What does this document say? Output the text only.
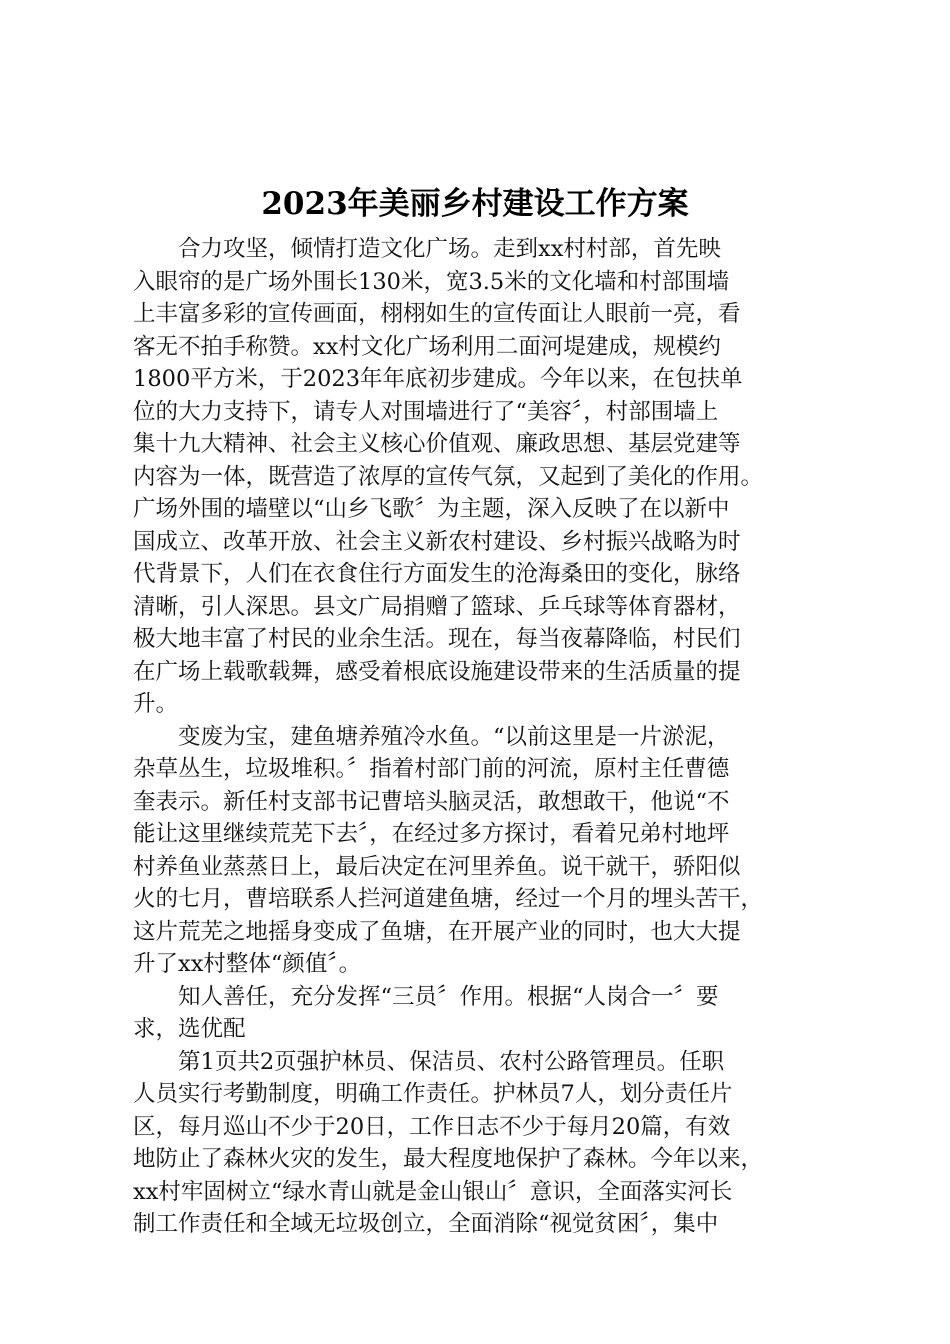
2023年美丽乡村建设工作方案
合力攻坚，倾情打造文化广场。走到xx村村部，首先映
入眼帘的是广场外围长130米，宽3.5米的文化墙和村部围墙
上丰富多彩的宣传画面，栩栩如生的宣传面让人眼前一亮，看
客无不拍手称赞。xx村文化广场利用二面河堤建成，规模约
1800平方米，于2023年年底初步建成。今年以来，在包扶单
位的大力支持下，请专人对围墙进行了“美容〞，村部围墙上
集十九大精神、社会主义核心价值观、廉政思想、基层党建等
内容为一体，既营造了浓厚的宣传气氛，又起到了美化的作用。
广场外围的墙壁以“山乡飞歌〞为主题，深入反映了在以新中
国成立、改革开放、社会主义新农村建设、乡村振兴战略为时
代背景下，人们在衣食住行方面发生的沧海桑田的变化，脉络
清晰，引人深思。县文广局捐赠了篮球、乒乓球等体育器材，
极大地丰富了村民的业余生活。现在，每当夜幕降临，村民们
在广场上载歌载舞，感受着根底设施建设带来的生活质量的提
升。
变废为宝，建鱼塘养殖冷水鱼。“以前这里是一片淤泥，
杂草丛生，垃圾堆积。〞指着村部门前的河流，原村主任曹德
奎表示。新任村支部书记曹培头脑灵活，敢想敢干，他说“不
能让这里继续荒芜下去〞，在经过多方探讨，看着兄弟村地坪
村养鱼业蒸蒸日上，最后决定在河里养鱼。说干就干，骄阳似
火的七月，曹培联系人拦河道建鱼塘，经过一个月的埋头苦干，
这片荒芜之地摇身变成了鱼塘，在开展产业的同时，也大大提
升了xx村整体“颜值〞。
知人善任，充分发挥“三员〞作用。根据“人岗合一〞要
求，选优配
第1页共2页强护林员、保洁员、农村公路管理员。任职
人员实行考勤制度，明确工作责任。护林员7人，划分责任片
区，每月巡山不少于20日，工作日志不少于每月20篇，有效
地防止了森林火灾的发生，最大程度地保护了森林。今年以来，
xx村牢固树立“绿水青山就是金山银山〞意识，全面落实河长
制工作责任和全域无垃圾创立，全面消除“视觉贫困〞，集中
